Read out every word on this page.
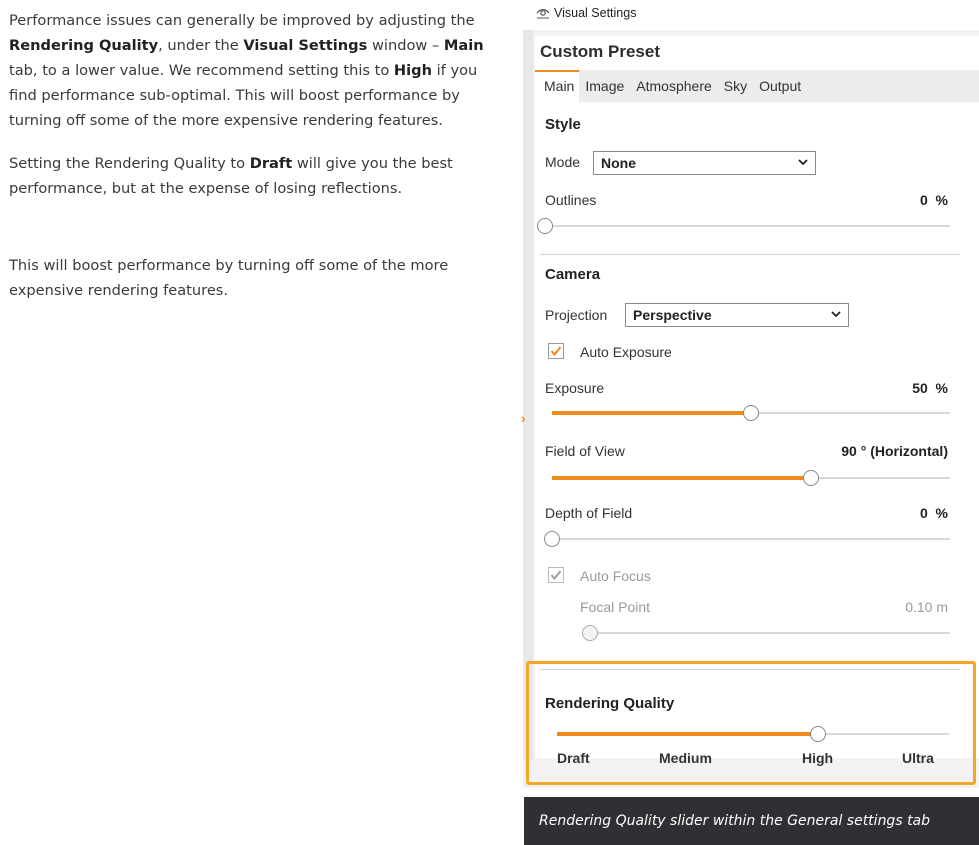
Performance issues can generally be improved by adjusting the Rendering Quality, under the Visual Settings window – Main tab, to a lower value. We recommend setting this to High if you find performance sub-optimal. This will boost performance by turning off some of the more expensive rendering features.

Setting the Rendering Quality to Draft will give you the best performance, but at the expense of losing reflections.

This will boost performance by turning off some of the more expensive rendering features.

Visual Settings
›
Custom Preset
Main Image Atmosphere Sky Output
Style
Mode	None
Outlines	0 %
Camera
Projection	Perspective
Auto Exposure
Exposure	50 %
Field of View	90 ° (Horizontal)
Depth of Field	0 %
Auto Focus
Focal Point	0.10 m
Rendering Quality
Draft	Medium	High	Ultra
Rendering Quality slider within the General settings tab
